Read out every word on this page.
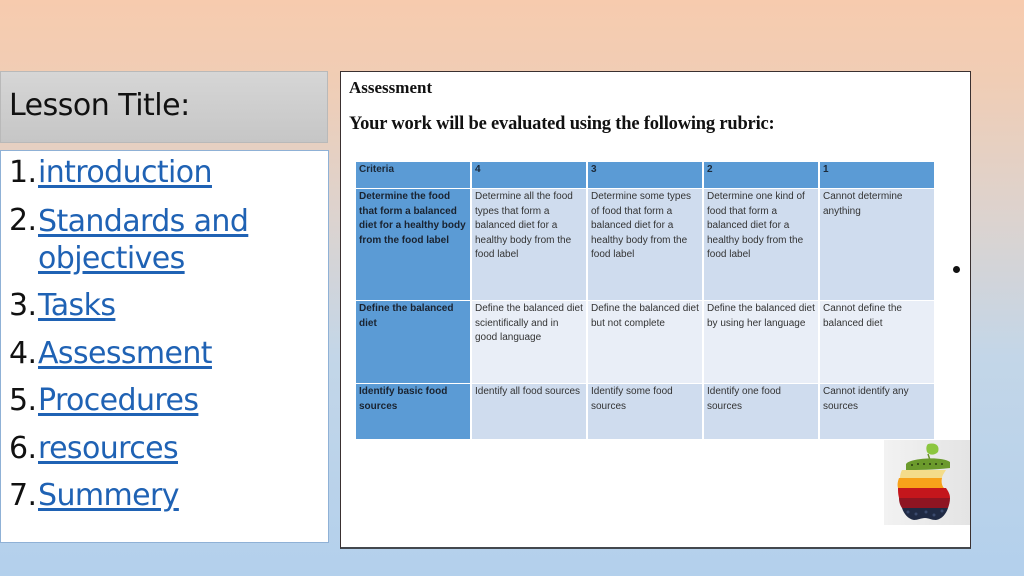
Lesson Title:
1. introduction
2. Standards and objectives
3. Tasks
4. Assessment
5. Procedures
6. resources
7. Summery
Assessment
Your work will be evaluated using the following rubric:
Criteria	4	3	2	1
Determine the food that form a balanced diet for a healthy body from the food label	Determine all the food types that form a balanced diet for a healthy body from the food label	Determine some types of food that form a balanced diet for a healthy body from the food label	Determine one kind of food that form a balanced diet for a healthy body from the food label	Cannot determine anything
Define the balanced diet	Define the balanced diet scientifically and in good language	Define the balanced diet but not complete	Define the balanced diet by using her language	Cannot define the balanced diet
Identify basic food sources	Identify all food sources	Identify some food sources	Identify one food sources	Cannot identify any sources
